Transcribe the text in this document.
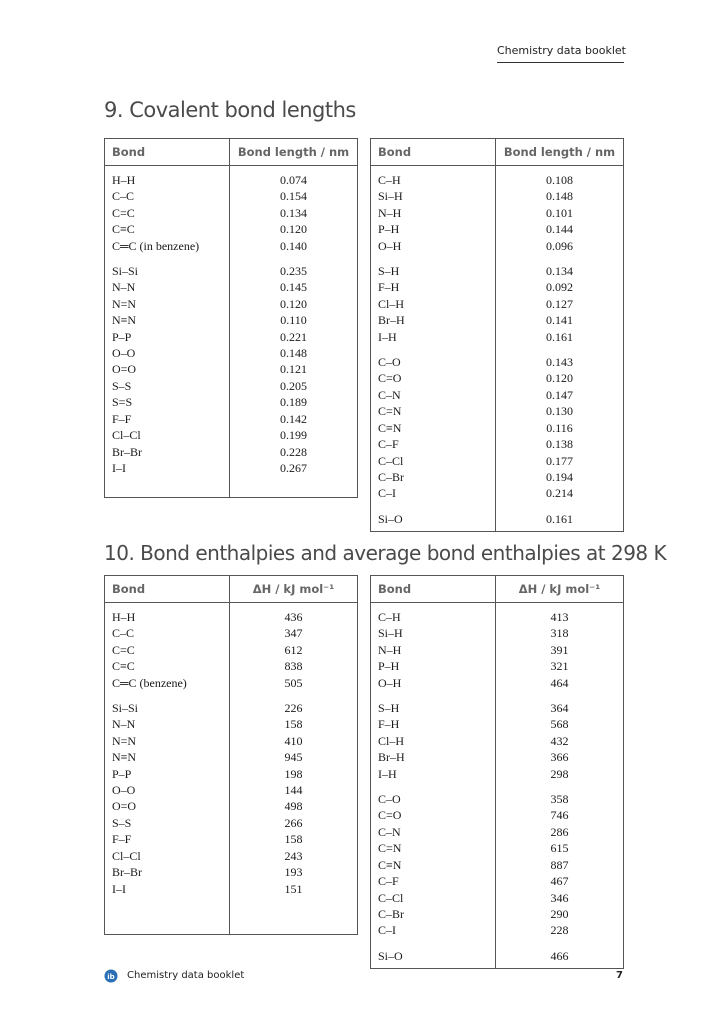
Chemistry data booklet
9. Covalent bond lengths
Bond	Bond length / nm
H–H	0.074
C–C	0.154
C=C	0.134
C≡C	0.120
C═C (in benzene)	0.140

Si–Si	0.235
N–N	0.145
N=N	0.120
N≡N	0.110
P–P	0.221
O–O	0.148
O=O	0.121
S–S	0.205
S=S	0.189
F–F	0.142
Cl–Cl	0.199
Br–Br	0.228
I–I	0.267

Bond	Bond length / nm
C–H	0.108
Si–H	0.148
N–H	0.101
P–H	0.144
O–H	0.096

S–H	0.134
F–H	0.092
Cl–H	0.127
Br–H	0.141
I–H	0.161

C–O	0.143
C=O	0.120
C–N	0.147
C=N	0.130
C≡N	0.116
C–F	0.138
C–Cl	0.177
C–Br	0.194
C–I	0.214

Si–O	0.161
10. Bond enthalpies and average bond enthalpies at 298 K
Bond	ΔH / kJ mol⁻¹
H–H	436
C–C	347
C=C	612
C≡C	838
C═C (benzene)	505

Si–Si	226
N–N	158
N=N	410
N≡N	945
P–P	198
O–O	144
O=O	498
S–S	266
F–F	158
Cl–Cl	243
Br–Br	193
I–I	151

Bond	ΔH / kJ mol⁻¹
C–H	413
Si–H	318
N–H	391
P–H	321
O–H	464

S–H	364
F–H	568
Cl–H	432
Br–H	366
I–H	298

C–O	358
C=O	746
C–N	286
C=N	615
C≡N	887
C–F	467
C–Cl	346
C–Br	290
C–I	228

Si–O	466
ib Chemistry data booklet	7
